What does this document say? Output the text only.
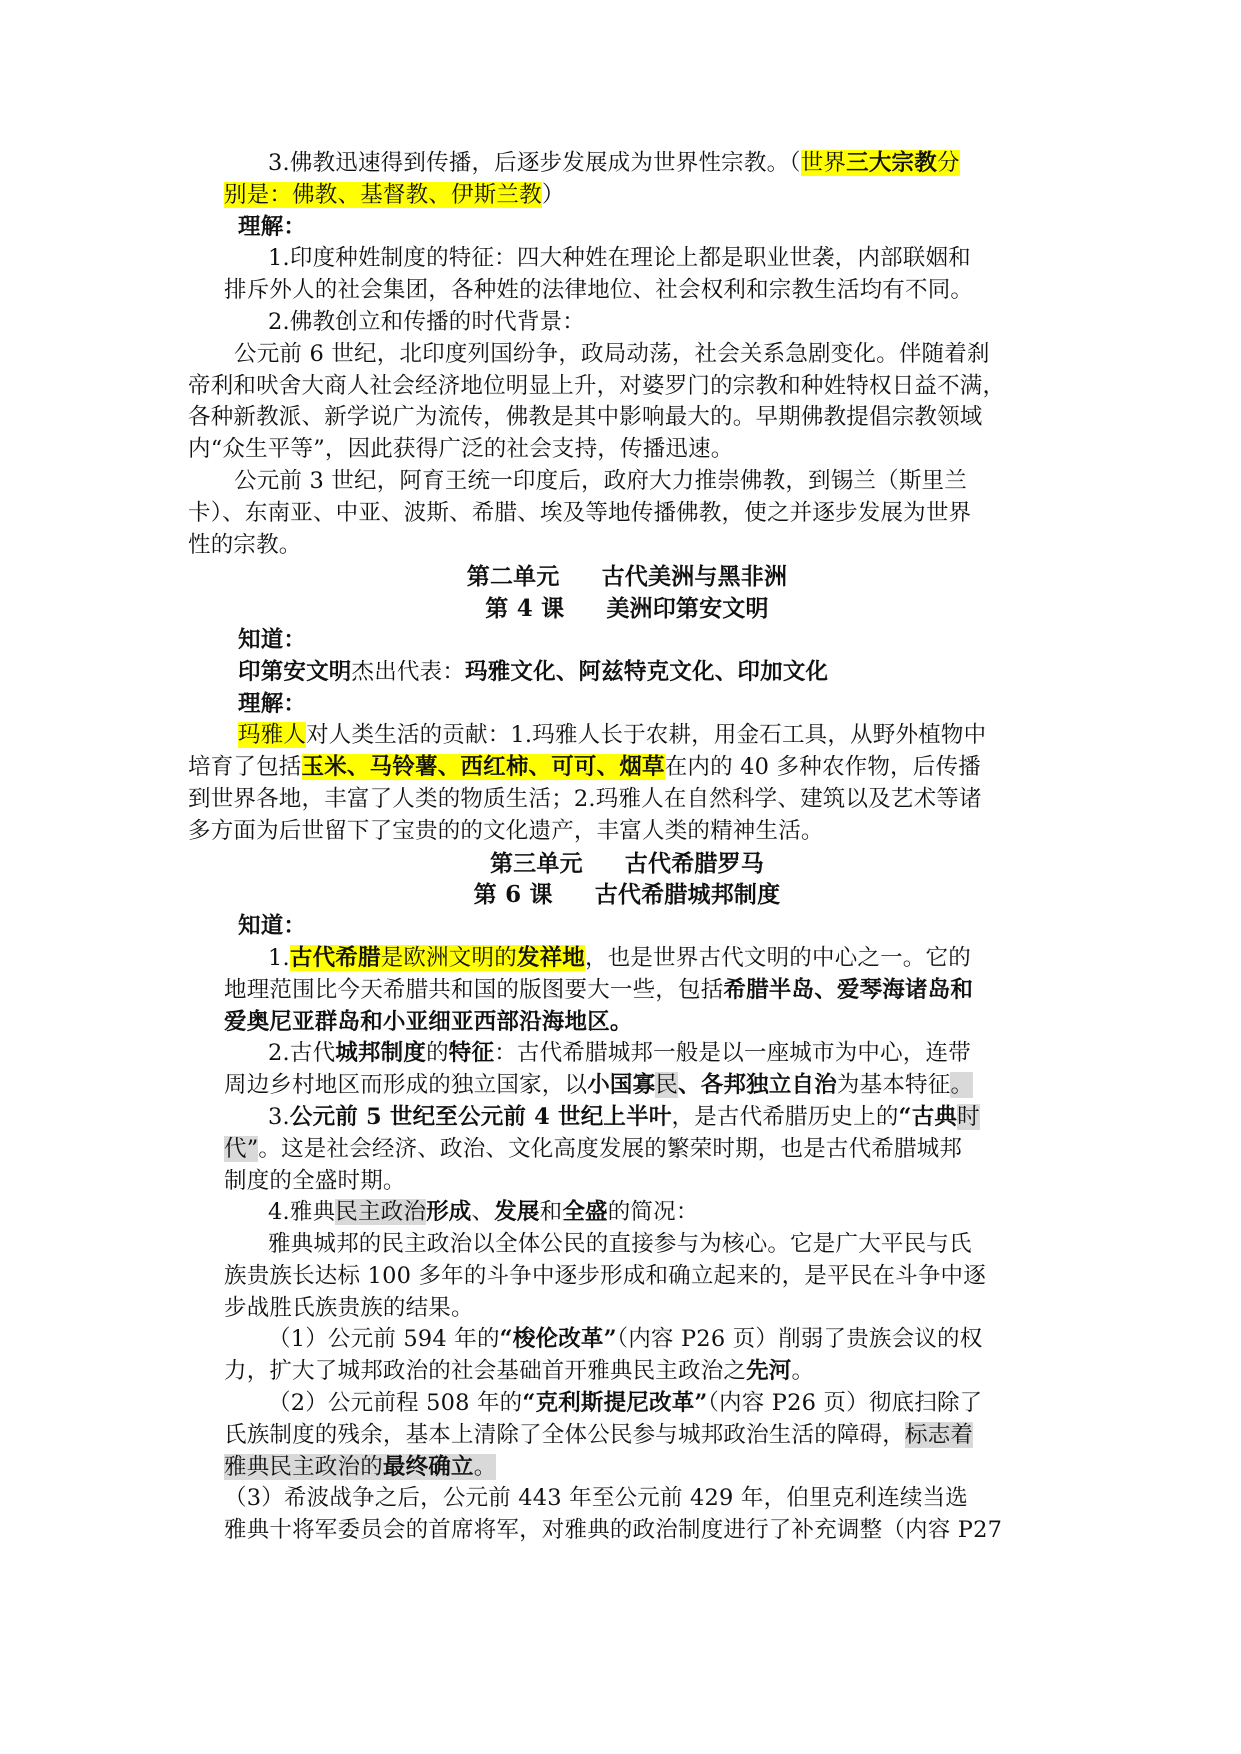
3.佛教迅速得到传播，后逐步发展成为世界性宗教。（世界三大宗教分
别是：佛教、基督教、伊斯兰教）
理解：
1.印度种姓制度的特征：四大种姓在理论上都是职业世袭，内部联姻和
排斥外人的社会集团，各种姓的法律地位、社会权利和宗教生活均有不同。
2.佛教创立和传播的时代背景：
公元前 6 世纪，北印度列国纷争，政局动荡，社会关系急剧变化。伴随着刹
帝利和吠舍大商人社会经济地位明显上升，对婆罗门的宗教和种姓特权日益不满，
各种新教派、新学说广为流传，佛教是其中影响最大的。早期佛教提倡宗教领域
内“众生平等”，因此获得广泛的社会支持，传播迅速。
公元前 3 世纪，阿育王统一印度后，政府大力推崇佛教，到锡兰（斯里兰
卡）、东南亚、中亚、波斯、希腊、埃及等地传播佛教，使之并逐步发展为世界
性的宗教。
第二单元 古代美洲与黑非洲
第 4 课 美洲印第安文明
知道：
印第安文明杰出代表：玛雅文化、阿兹特克文化、印加文化
理解：
玛雅人对人类生活的贡献：1.玛雅人长于农耕，用金石工具，从野外植物中
培育了包括玉米、马铃薯、西红柿、可可、烟草在内的 40 多种农作物，后传播
到世界各地，丰富了人类的物质生活；2.玛雅人在自然科学、建筑以及艺术等诸
多方面为后世留下了宝贵的的文化遗产，丰富人类的精神生活。
第三单元 古代希腊罗马
第 6 课 古代希腊城邦制度
知道：
1.古代希腊是欧洲文明的发祥地，也是世界古代文明的中心之一。它的
地理范围比今天希腊共和国的版图要大一些，包括希腊半岛、爱琴海诸岛和
爱奥尼亚群岛和小亚细亚西部沿海地区。
2.古代城邦制度的特征：古代希腊城邦一般是以一座城市为中心，连带
周边乡村地区而形成的独立国家，以小国寡民、各邦独立自治为基本特征。
3.公元前 5 世纪至公元前 4 世纪上半叶，是古代希腊历史上的“古典时
代”。这是社会经济、政治、文化高度发展的繁荣时期，也是古代希腊城邦
制度的全盛时期。
4.雅典民主政治形成、发展和全盛的简况：
雅典城邦的民主政治以全体公民的直接参与为核心。它是广大平民与氏
族贵族长达标 100 多年的斗争中逐步形成和确立起来的，是平民在斗争中逐
步战胜氏族贵族的结果。
（1）公元前 594 年的“梭伦改革”（内容 P26 页）削弱了贵族会议的权
力，扩大了城邦政治的社会基础首开雅典民主政治之先河。
（2）公元前程 508 年的“克利斯提尼改革”（内容 P26 页）彻底扫除了
氏族制度的残余，基本上清除了全体公民参与城邦政治生活的障碍，标志着
雅典民主政治的最终确立。
（3）希波战争之后，公元前 443 年至公元前 429 年，伯里克利连续当选
雅典十将军委员会的首席将军，对雅典的政治制度进行了补充调整（内容 P27
